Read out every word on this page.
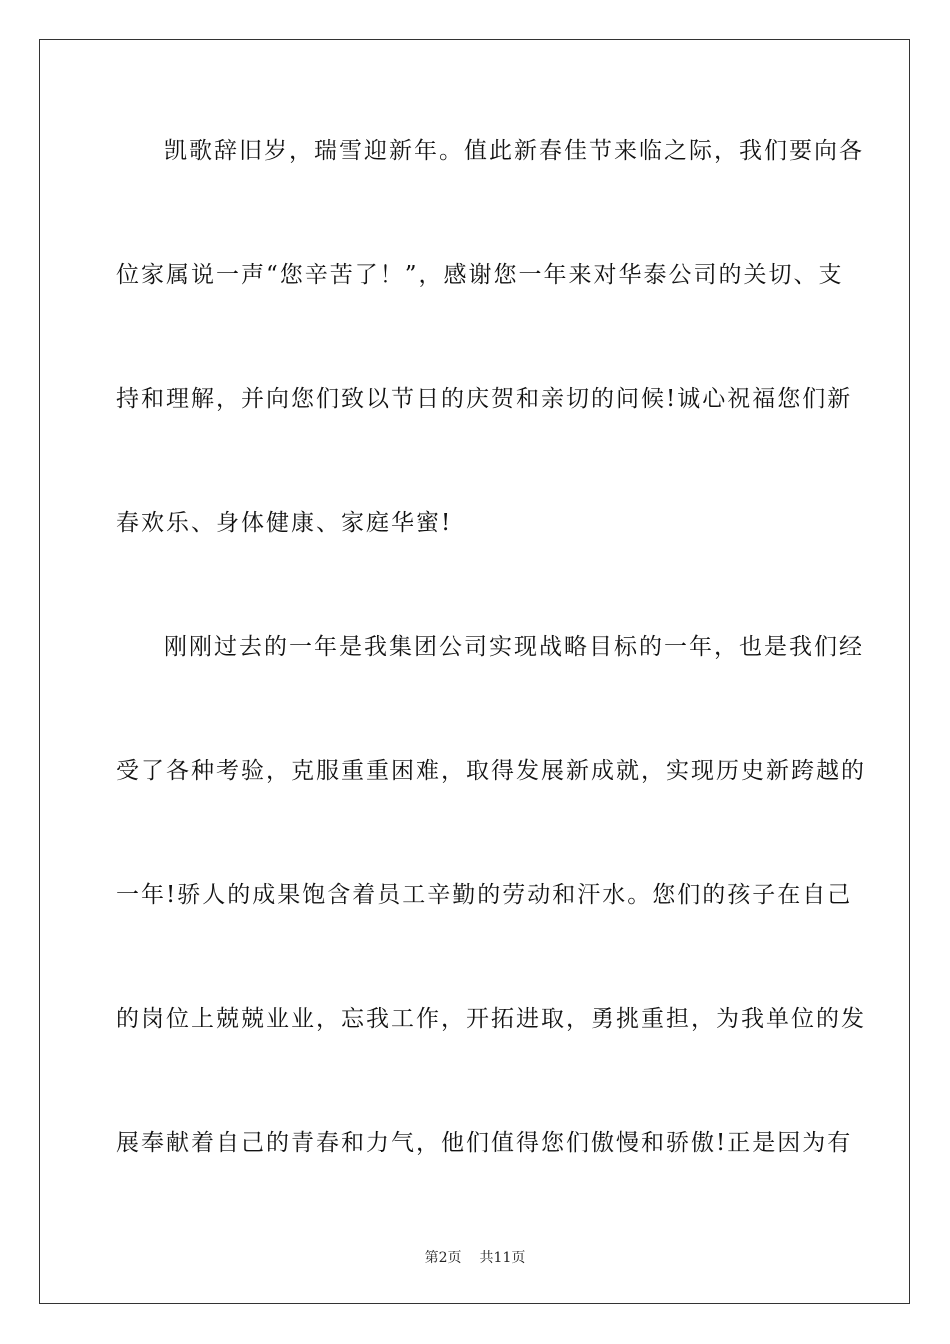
凯歌辞旧岁，瑞雪迎新年。值此新春佳节来临之际，我们要向各

位家属说一声“您辛苦了！”，感谢您一年来对华泰公司的关切、支

持和理解，并向您们致以节日的庆贺和亲切的问候!诚心祝福您们新

春欢乐、身体健康、家庭华蜜!

刚刚过去的一年是我集团公司实现战略目标的一年，也是我们经

受了各种考验，克服重重困难，取得发展新成就，实现历史新跨越的

一年!骄人的成果饱含着员工辛勤的劳动和汗水。您们的孩子在自己

的岗位上兢兢业业，忘我工作，开拓进取，勇挑重担，为我单位的发

展奉献着自己的青春和力气，他们值得您们傲慢和骄傲!正是因为有

第2页 共11页
